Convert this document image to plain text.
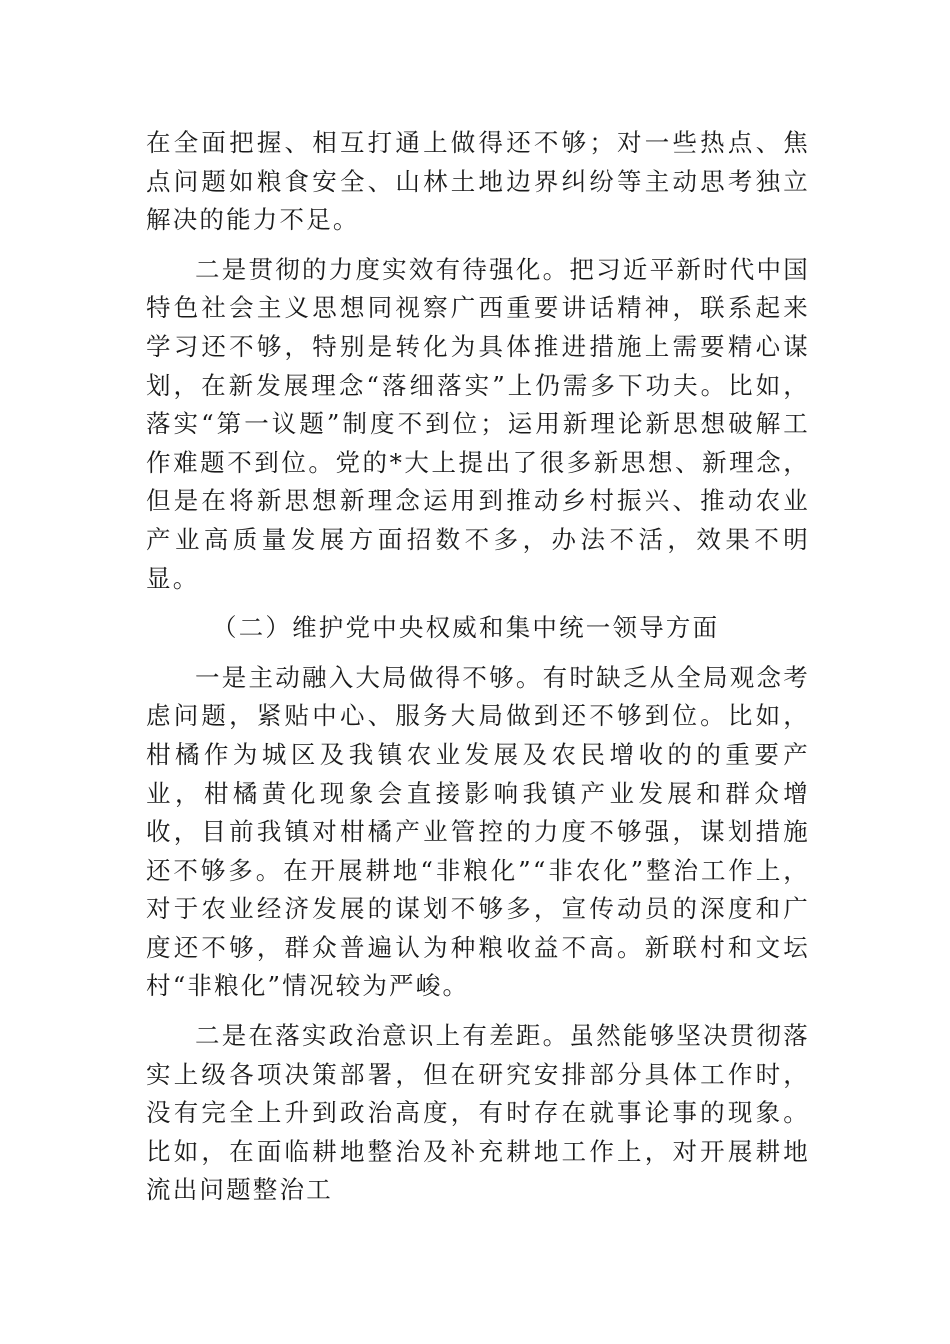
在全面把握、相互打通上做得还不够；对一些热点、焦点问题如粮食安全、山林土地边界纠纷等主动思考独立解决的能力不足。

二是贯彻的力度实效有待强化。把习近平新时代中国特色社会主义思想同视察广西重要讲话精神，联系起来学习还不够，特别是转化为具体推进措施上需要精心谋划，在新发展理念“落细落实”上仍需多下功夫。比如，落实“第一议题”制度不到位；运用新理论新思想破解工作难题不到位。党的*大上提出了很多新思想、新理念，但是在将新思想新理念运用到推动乡村振兴、推动农业产业高质量发展方面招数不多，办法不活，效果不明显。

（二）维护党中央权威和集中统一领导方面

一是主动融入大局做得不够。有时缺乏从全局观念考虑问题，紧贴中心、服务大局做到还不够到位。比如，柑橘作为城区及我镇农业发展及农民增收的的重要产业，柑橘黄化现象会直接影响我镇产业发展和群众增收，目前我镇对柑橘产业管控的力度不够强，谋划措施还不够多。在开展耕地“非粮化”“非农化”整治工作上，对于农业经济发展的谋划不够多，宣传动员的深度和广度还不够，群众普遍认为种粮收益不高。新联村和文坛村“非粮化”情况较为严峻。

二是在落实政治意识上有差距。虽然能够坚决贯彻落实上级各项决策部署，但在研究安排部分具体工作时，没有完全上升到政治高度，有时存在就事论事的现象。比如，在面临耕地整治及补充耕地工作上，对开展耕地流出问题整治工
